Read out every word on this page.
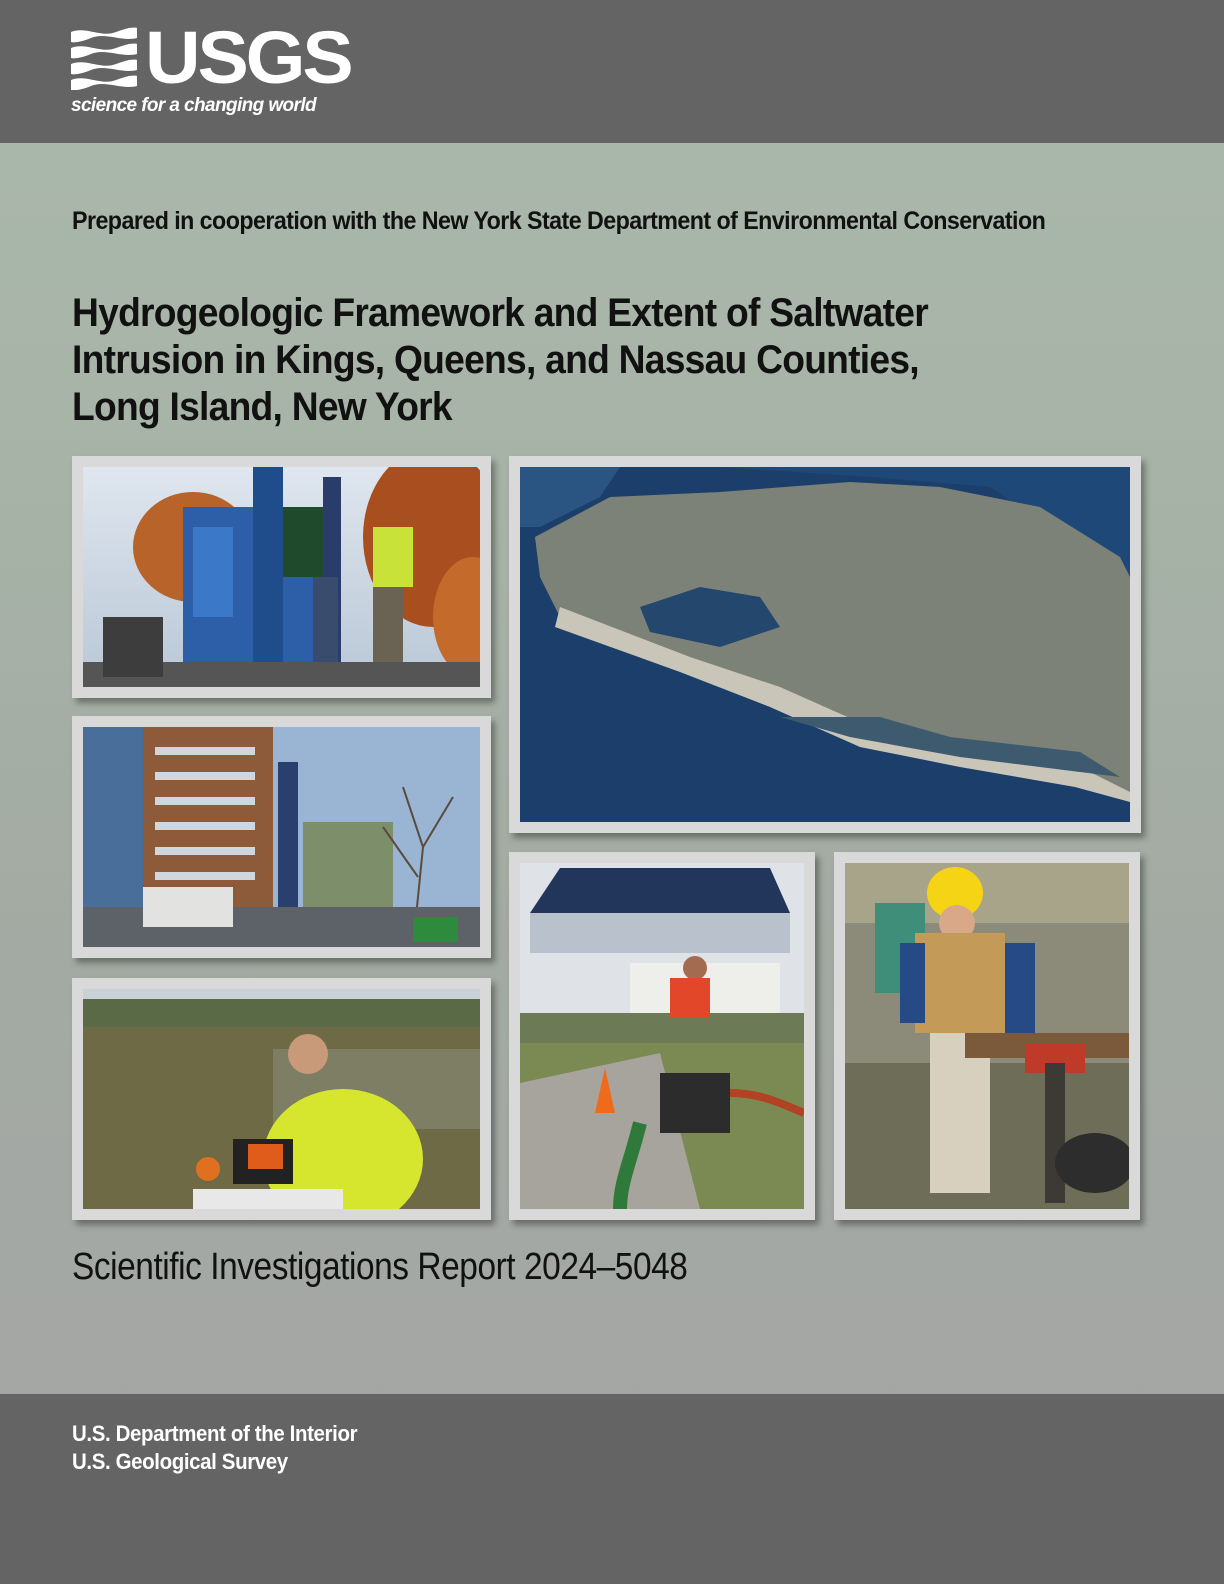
USGS
science for a changing world
Prepared in cooperation with the New York State Department of Environmental Conservation
Hydrogeologic Framework and Extent of Saltwater
Intrusion in Kings, Queens, and Nassau Counties,
Long Island, New York
Scientific Investigations Report 2024–5048
U.S. Department of the Interior
U.S. Geological Survey
